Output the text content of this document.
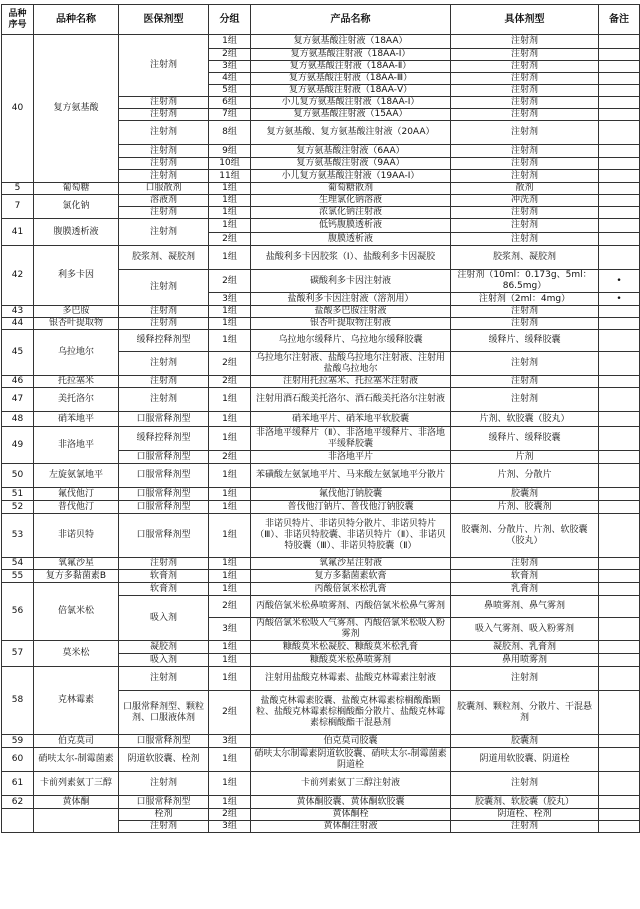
品种
序号	品种名称	医保剂型	分组	产品名称	具体剂型	备注
40	复方氨基酸	注射剂	1组	复方氨基酸注射液（18AA）	注射剂	
			2组	复方氨基酸注射液（18AA-Ⅰ）	注射剂	
			3组	复方氨基酸注射液（18AA-Ⅱ）	注射剂	
			4组	复方氨基酸注射液（18AA-Ⅲ）	注射剂	
			5组	复方氨基酸注射液（18AA-Ⅴ）	注射剂	
		注射剂	6组	小儿复方氨基酸注射液（18AA-Ⅰ）	注射剂	
		注射剂	7组	复方氨基酸注射液（15AA）	注射剂	
		注射剂	8组	复方氨基酸、复方氨基酸注射液（20AA）	注射剂	
		注射剂	9组	复方氨基酸注射液（6AA）	注射剂	
		注射剂	10组	复方氨基酸注射液（9AA）	注射剂	
		注射剂	11组	小儿复方氨基酸注射液（19AA-Ⅰ）	注射剂	
5	葡萄糖	口服散剂	1组	葡萄糖散剂	散剂	
7	氯化钠	溶液剂	1组	生理氯化钠溶液	冲洗剂	
		注射剂	1组	浓氯化钠注射液	注射剂	
41	腹膜透析液	注射剂	1组	低钙腹膜透析液	注射剂	
			2组	腹膜透析液	注射剂	
42	利多卡因	胶浆剂、凝胶剂	1组	盐酸利多卡因胶浆（Ⅰ）、盐酸利多卡因凝胶	胶浆剂、凝胶剂	
		注射剂	2组	碳酸利多卡因注射液	注射剂（10ml：0.173g、5ml：86.5mg）	•
			3组	盐酸利多卡因注射液（溶剂用）	注射剂（2ml：4mg）	•
43	多巴胺	注射剂	1组	盐酸多巴胺注射液	注射剂	
44	银杏叶提取物	注射剂	1组	银杏叶提取物注射液	注射剂	
45	乌拉地尔	缓释控释剂型	1组	乌拉地尔缓释片、乌拉地尔缓释胶囊	缓释片、缓释胶囊	
		注射剂	2组	乌拉地尔注射液、盐酸乌拉地尔注射液、注射用盐酸乌拉地尔	注射剂	
46	托拉塞米	注射剂	2组	注射用托拉塞米、托拉塞米注射液	注射剂	
47	美托洛尔	注射剂	1组	注射用酒石酸美托洛尔、酒石酸美托洛尔注射液	注射剂	
48	硝苯地平	口服常释剂型	1组	硝苯地平片、硝苯地平软胶囊	片剂、软胶囊（胶丸）	
49	非洛地平	缓释控释剂型	1组	非洛地平缓释片（Ⅱ）、非洛地平缓释片、非洛地平缓释胶囊	缓释片、缓释胶囊	
		口服常释剂型	2组	非洛地平片	片剂	
50	左旋氨氯地平	口服常释剂型	1组	苯磺酸左氨氯地平片、马来酸左氨氯地平分散片	片剂、分散片	
51	氟伐他汀	口服常释剂型	1组	氟伐他汀钠胶囊	胶囊剂	
52	普伐他汀	口服常释剂型	1组	普伐他汀钠片、普伐他汀钠胶囊	片剂、胶囊剂	
53	非诺贝特	口服常释剂型	1组	非诺贝特片、非诺贝特分散片、非诺贝特片（Ⅲ）、非诺贝特胶囊、非诺贝特片（Ⅱ）、非诺贝特胶囊（Ⅲ）、非诺贝特胶囊（Ⅱ）	胶囊剂、分散片、片剂、软胶囊（胶丸）	
54	氧氟沙星	注射剂	1组	氧氟沙星注射液	注射剂	
55	复方多黏菌素B	软膏剂	1组	复方多黏菌素软膏	软膏剂	
56	倍氯米松	软膏剂	1组	丙酸倍氯米松乳膏	乳膏剂	
		吸入剂	2组	丙酸倍氯米松鼻喷雾剂、丙酸倍氯米松鼻气雾剂	鼻喷雾剂、鼻气雾剂	
			3组	丙酸倍氯米松吸入气雾剂、丙酸倍氯米松吸入粉雾剂	吸入气雾剂、吸入粉雾剂	
57	莫米松	凝胶剂	1组	糠酸莫米松凝胶、糠酸莫米松乳膏	凝胶剂、乳膏剂	
		吸入剂	1组	糠酸莫米松鼻喷雾剂	鼻用喷雾剂	
58	克林霉素	注射剂	1组	注射用盐酸克林霉素、盐酸克林霉素注射液	注射剂	
		口服常释剂型、颗粒剂、口服液体剂	2组	盐酸克林霉素胶囊、盐酸克林霉素棕榈酸酯颗粒、盐酸克林霉素棕榈酸酯分散片、盐酸克林霉素棕榈酸酯干混悬剂	胶囊剂、颗粒剂、分散片、干混悬剂	
59	伯克莫司	口服常释剂型	3组	伯克莫司胶囊	胶囊剂	
60	硝呋太尔-制霉菌素	阴道软胶囊、栓剂	1组	硝呋太尔制霉素阴道软胶囊、硝呋太尔-制霉菌素阴道栓	阴道用软胶囊、阴道栓	
61	卡前列素氨丁三醇	注射剂	1组	卡前列素氨丁三醇注射液	注射剂	
62	黄体酮	口服常释剂型	1组	黄体酮胶囊、黄体酮软胶囊	胶囊剂、软胶囊（胶丸）	
		栓剂	2组	黄体酮栓	阴道栓、栓剂	
		注射剂	3组	黄体酮注射液	注射剂	
